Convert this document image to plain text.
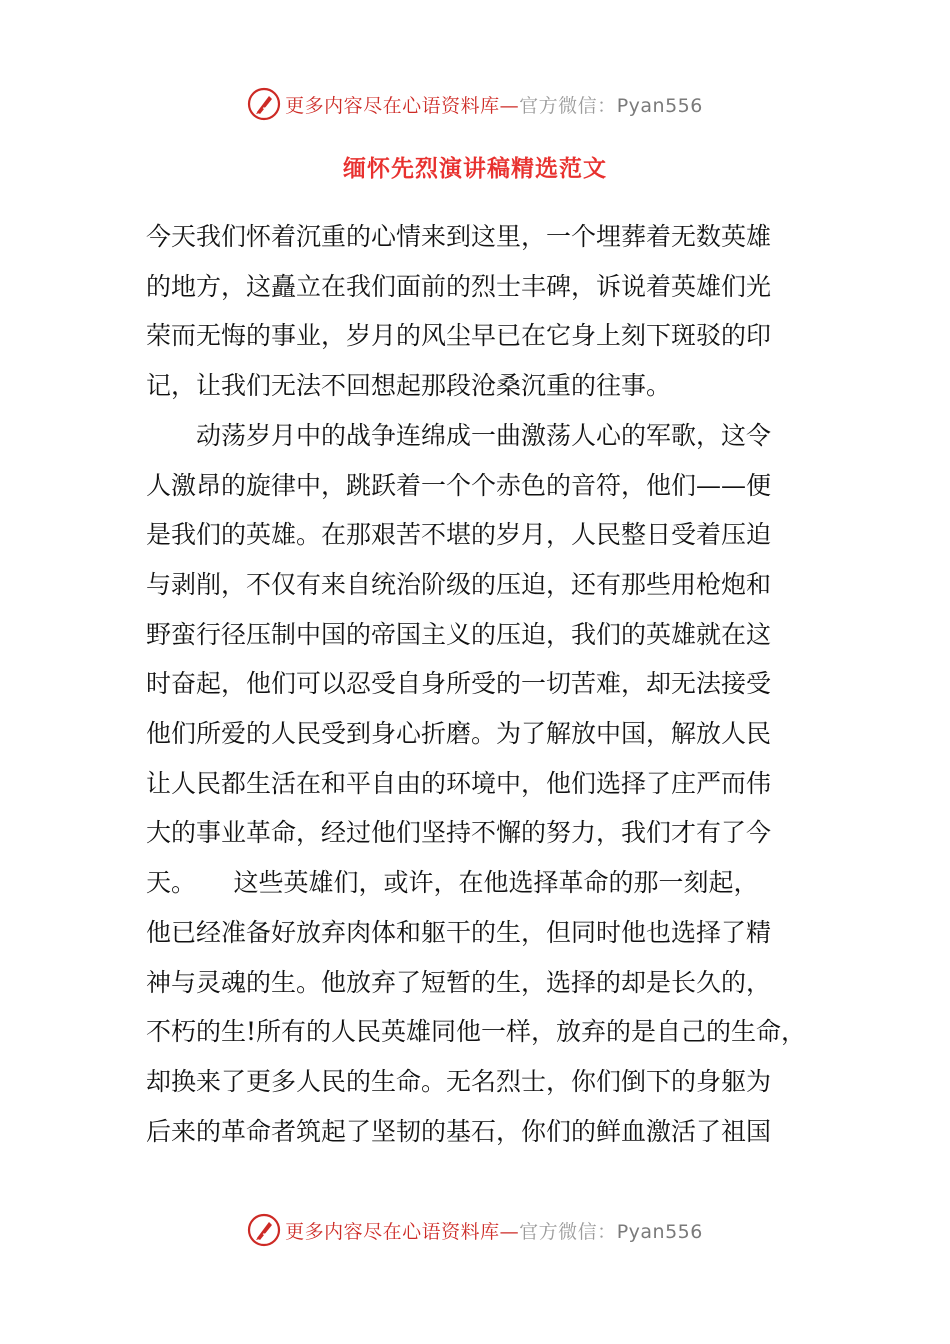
更多内容尽在心语资料库—官方微信：Pyan556
缅怀先烈演讲稿精选范文
今天我们怀着沉重的心情来到这里，一个埋葬着无数英雄
的地方，这矗立在我们面前的烈士丰碑，诉说着英雄们光
荣而无悔的事业，岁月的风尘早已在它身上刻下斑驳的印
记，让我们无法不回想起那段沧桑沉重的往事。
　　动荡岁月中的战争连绵成一曲激荡人心的军歌，这令
人激昂的旋律中，跳跃着一个个赤色的音符，他们——便
是我们的英雄。在那艰苦不堪的岁月，人民整日受着压迫
与剥削，不仅有来自统治阶级的压迫，还有那些用枪炮和
野蛮行径压制中国的帝国主义的压迫，我们的英雄就在这
时奋起，他们可以忍受自身所受的一切苦难，却无法接受
他们所爱的人民受到身心折磨。为了解放中国，解放人民
让人民都生活在和平自由的环境中，他们选择了庄严而伟
大的事业革命，经过他们坚持不懈的努力，我们才有了今
天。　　这些英雄们，或许，在他选择革命的那一刻起，
他已经准备好放弃肉体和躯干的生，但同时他也选择了精
神与灵魂的生。他放弃了短暂的生，选择的却是长久的，
不朽的生!所有的人民英雄同他一样，放弃的是自己的生命，
却换来了更多人民的生命。无名烈士，你们倒下的身躯为
后来的革命者筑起了坚韧的基石，你们的鲜血激活了祖国
更多内容尽在心语资料库—官方微信：Pyan556
